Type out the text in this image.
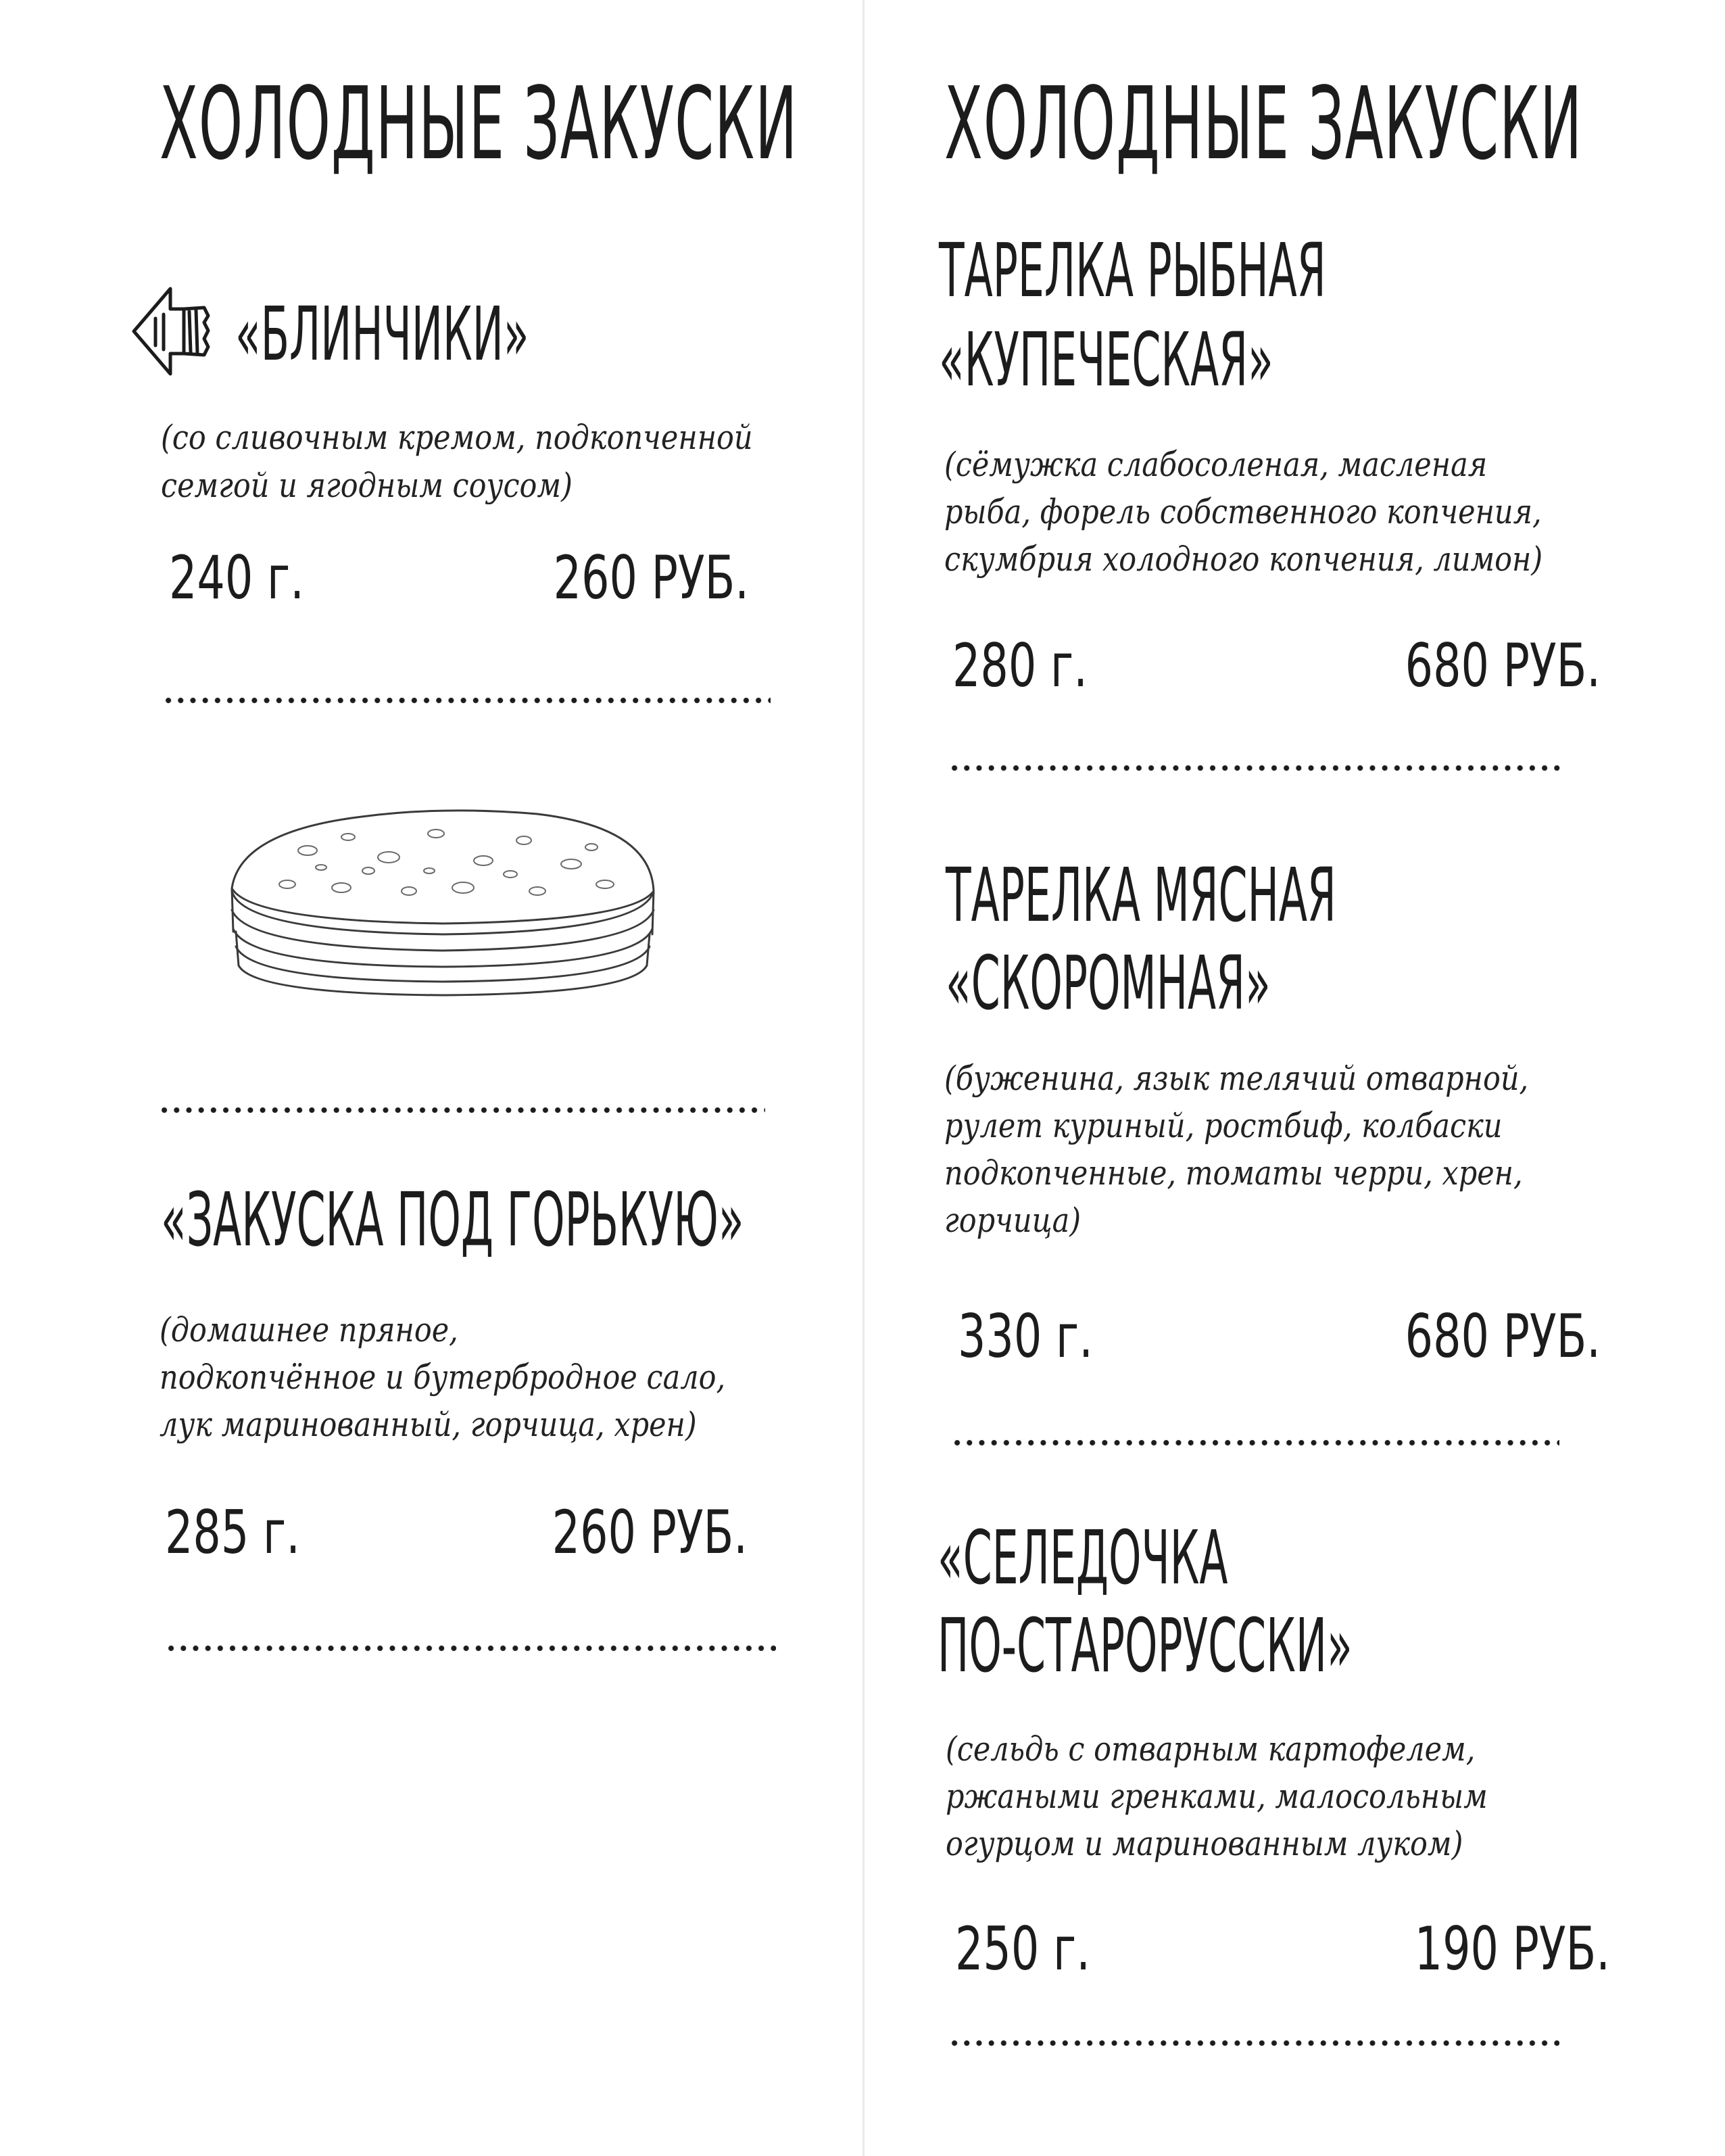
ХОЛОДНЫЕ ЗАКУСКИ
«БЛИНЧИКИ»

(со сливочным кремом, подкопченной

семгой и ягодным соусом)

240 г.	260 РУБ.
«ЗАКУСКА ПОД ГОРЬКУЮ»

(домашнее пряное,

подкопчённое и бутербродное сало,

лук маринованный, горчица, хрен)

285 г.	260 РУБ.
ХОЛОДНЫЕ ЗАКУСКИ
ТАРЕЛКА РЫБНАЯ
«КУПЕЧЕСКАЯ»

(сёмужка слабосоленая, масленая

рыба, форель собственного копчения,

скумбрия холодного копчения, лимон)

280 г.	680 РУБ.
ТАРЕЛКА МЯСНАЯ
«СКОРОМНАЯ»

(буженина, язык телячий отварной,

рулет куриный, ростбиф, колбаски

подкопченные, томаты черри, хрен,

горчица)

330 г.	680 РУБ.
«СЕЛЕДОЧКА
ПО-СТАРОРУССКИ»

(сельдь с отварным картофелем,

ржаными гренками, малосольным

огурцом и маринованным луком)

250 г.	190 РУБ.
